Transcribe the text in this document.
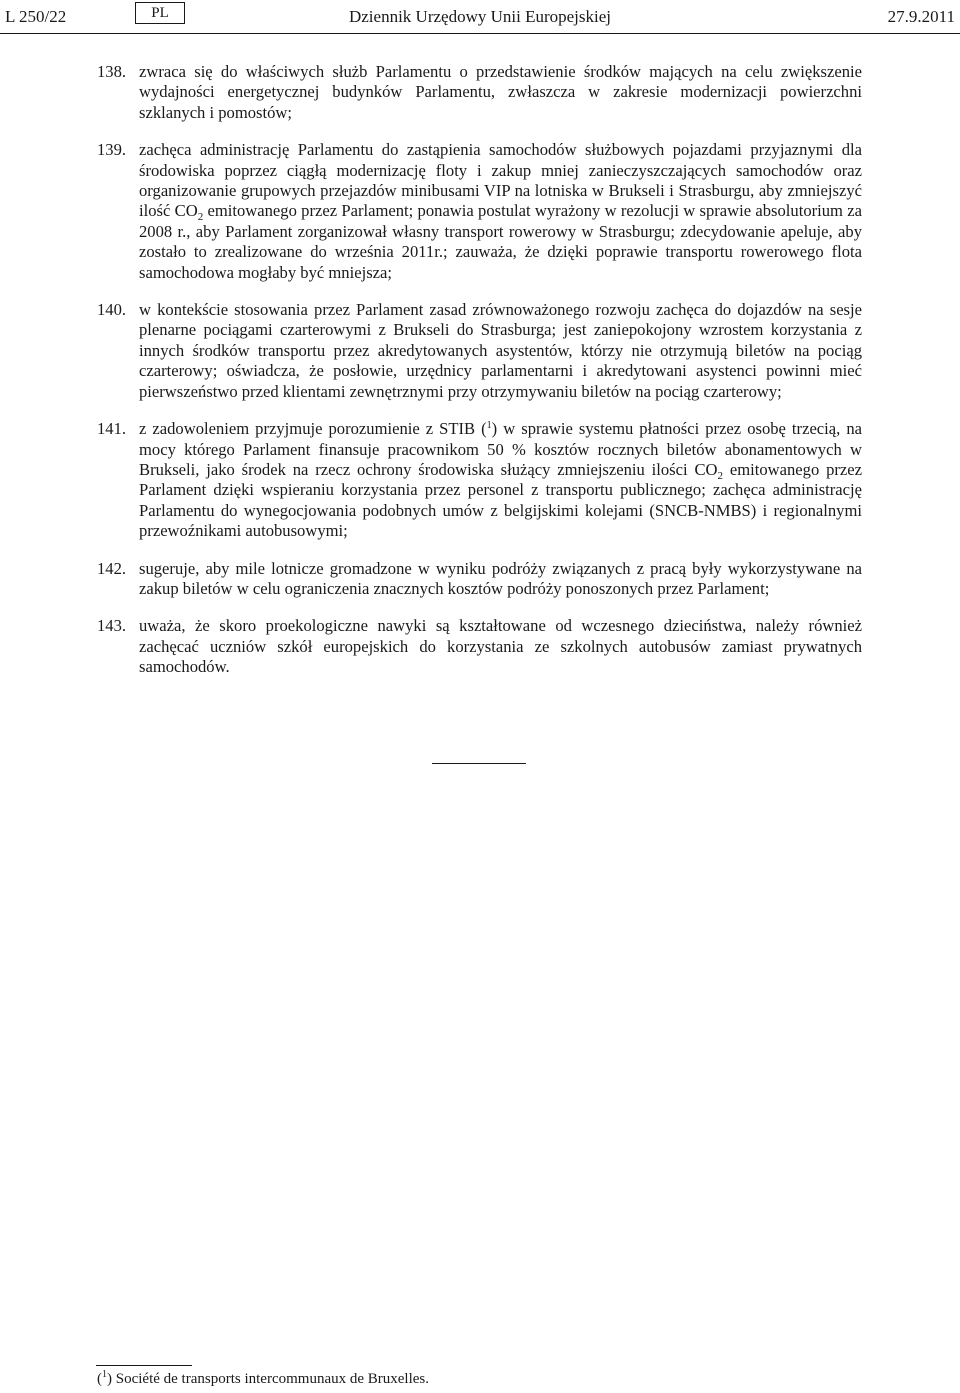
L 250/22	PL	Dziennik Urzędowy Unii Europejskiej	27.9.2011
138. zwraca się do właściwych służb Parlamentu o przedstawienie środków mających na celu zwiększenie wydajności energetycznej budynków Parlamentu, zwłaszcza w zakresie modernizacji powierzchni szklanych i pomostów;
139. zachęca administrację Parlamentu do zastąpienia samochodów służbowych pojazdami przyjaznymi dla środowiska poprzez ciągłą modernizację floty i zakup mniej zanieczyszczających samochodów oraz organizowanie grupowych przejazdów minibusami VIP na lotniska w Brukseli i Strasburgu, aby zmniejszyć ilość $CO_2$ emitowanego przez Parlament; ponawia postulat wyrażony w rezolucji w sprawie absolutorium za 2008 r., aby Parlament zorganizował własny transport rowerowy w Strasburgu; zdecydowanie apeluje, aby zostało to zrealizowane do września 2011r.; zauważa, że dzięki poprawie transportu rowerowego flota samochodowa mogłaby być mniejsza;
140. w kontekście stosowania przez Parlament zasad zrównoważonego rozwoju zachęca do dojazdów na sesje plenarne pociągami czarterowymi z Brukseli do Strasburga; jest zaniepokojony wzrostem korzystania z innych środków transportu przez akredytowanych asystentów, którzy nie otrzymują biletów na pociąg czarterowy; oświadcza, że posłowie, urzędnicy parlamentarni i akredytowani asystenci powinni mieć pierwszeństwo przed klientami zewnętrznymi przy otrzymywaniu biletów na pociąg czarterowy;
141. z zadowoleniem przyjmuje porozumienie z STIB ($^1$) w sprawie systemu płatności przez osobę trzecią, na mocy którego Parlament finansuje pracownikom 50 % kosztów rocznych biletów abonamentowych w Brukseli, jako środek na rzecz ochrony środowiska służący zmniejszeniu ilości $CO_2$ emitowanego przez Parlament dzięki wspieraniu korzystania przez personel z transportu publicznego; zachęca administrację Parlamentu do wynegocjowania podobnych umów z belgijskimi kolejami (SNCB-NMBS) i regionalnymi przewoźnikami autobusowymi;
142. sugeruje, aby mile lotnicze gromadzone w wyniku podróży związanych z pracą były wykorzystywane na zakup biletów w celu ograniczenia znacznych kosztów podróży ponoszonych przez Parlament;
143. uważa, że skoro proekologiczne nawyki są kształtowane od wczesnego dzieciństwa, należy również zachęcać uczniów szkół europejskich do korzystania ze szkolnych autobusów zamiast prywatnych samochodów.
($^1$) Société de transports intercommunaux de Bruxelles.
